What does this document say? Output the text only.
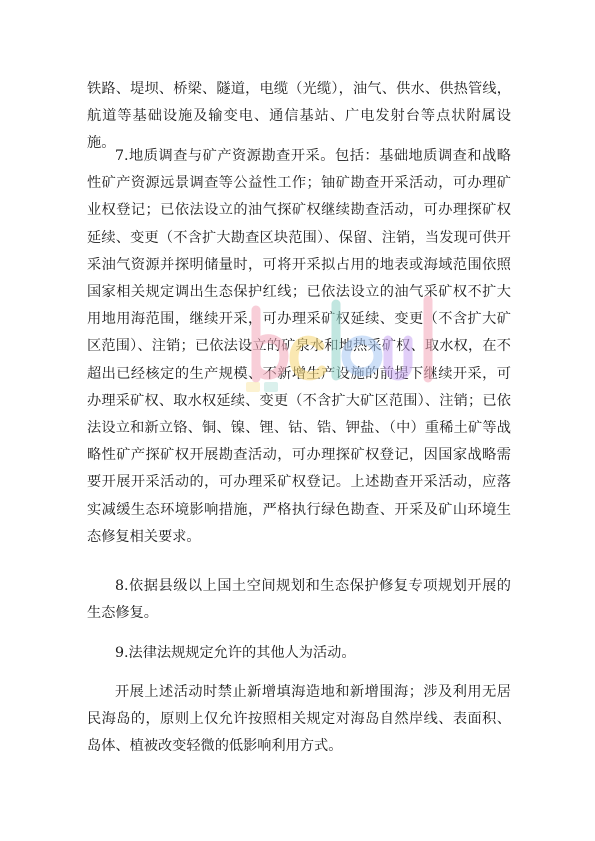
铁路、堤坝、桥梁、隧道，电缆（光缆），油气、供水、供热管线，航道等基础设施及输变电、通信基站、广电发射台等点状附属设施。

7.地质调查与矿产资源勘查开采。包括：基础地质调查和战略性矿产资源远景调查等公益性工作；铀矿勘查开采活动，可办理矿业权登记；已依法设立的油气探矿权继续勘查活动，可办理探矿权延续、变更（不含扩大勘查区块范围）、保留、注销，当发现可供开采油气资源并探明储量时，可将开采拟占用的地表或海域范围依照国家相关规定调出生态保护红线；已依法设立的油气采矿权不扩大用地用海范围，继续开采，可办理采矿权延续、变更（不含扩大矿区范围）、注销；已依法设立的矿泉水和地热采矿权、取水权，在不超出已经核定的生产规模、不新增生产设施的前提下继续开采，可办理采矿权、取水权延续、变更（不含扩大矿区范围）、注销；已依法设立和新立铬、铜、镍、锂、钴、锆、钾盐、（中）重稀土矿等战略性矿产探矿权开展勘查活动，可办理探矿权登记，因国家战略需要开展开采活动的，可办理采矿权登记。上述勘查开采活动，应落实减缓生态环境影响措施，严格执行绿色勘查、开采及矿山环境生态修复相关要求。

8.依据县级以上国土空间规划和生态保护修复专项规划开展的生态修复。

9.法律法规规定允许的其他人为活动。

开展上述活动时禁止新增填海造地和新增围海；涉及利用无居民海岛的，原则上仅允许按照相关规定对海岛自然岸线、表面积、岛体、植被改变轻微的低影响利用方式。
